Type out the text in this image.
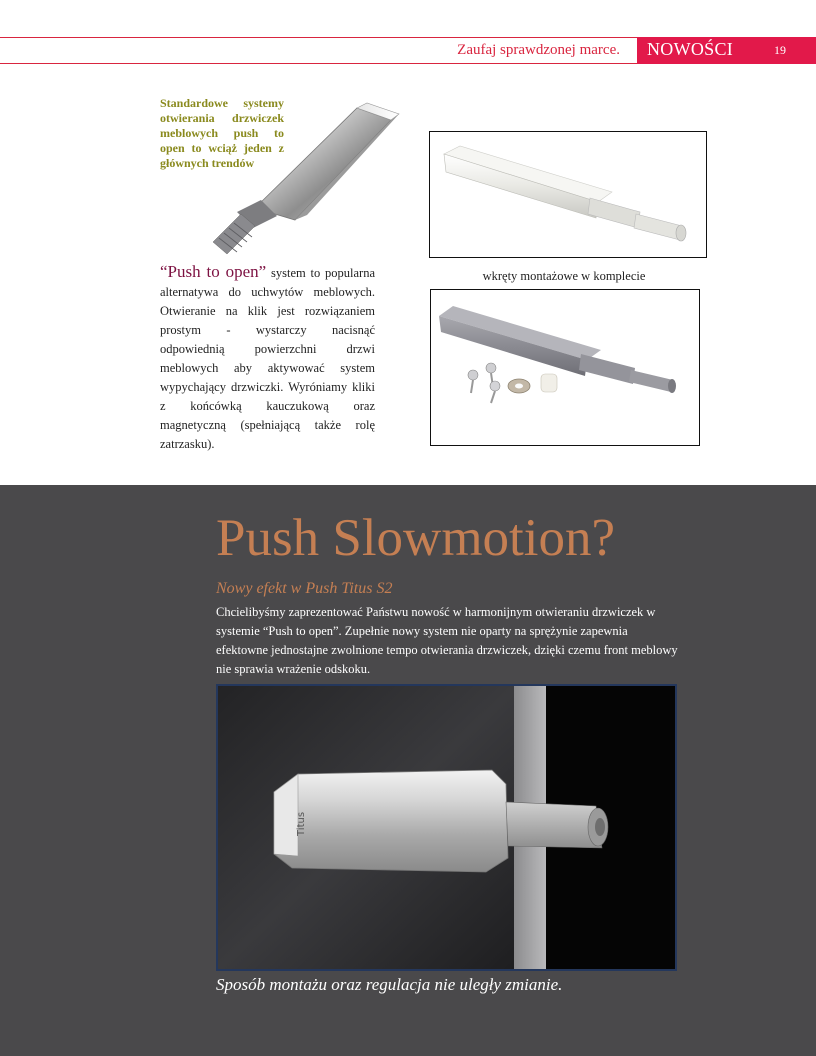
Zaufaj sprawdzonej marce. NOWOŚCI	19
Standardowe systemy otwierania drzwiczek meblowych push to open to wciąż jeden z głównych trendów
“Push to open” system to popularna alternatywa do uchwytów meblowych. Otwieranie na klik jest rozwiązaniem prostym - wystarczy nacisnąć odpowiednią powierzchni drzwi meblowych aby aktywować system wypychający drzwiczki. Wyróniamy kliki z końcówką kauczukową oraz magnetyczną (spełniającą także rolę zatrzasku).
wkręty montażowe w komplecie
Push Slowmotion?
Nowy efekt w Push Titus S2
Chcielibyśmy zaprezentować Państwu nowość w harmonijnym otwieraniu drzwiczek w systemie “Push to open”. Zupełnie nowy system nie oparty na sprężynie zapewnia efektowne jednostajne zwolnione tempo otwierania drzwiczek, dzięki czemu front meblowy nie sprawia wrażenie odskoku.
Titus
Sposób montażu oraz regulacja nie uległy zmianie.
